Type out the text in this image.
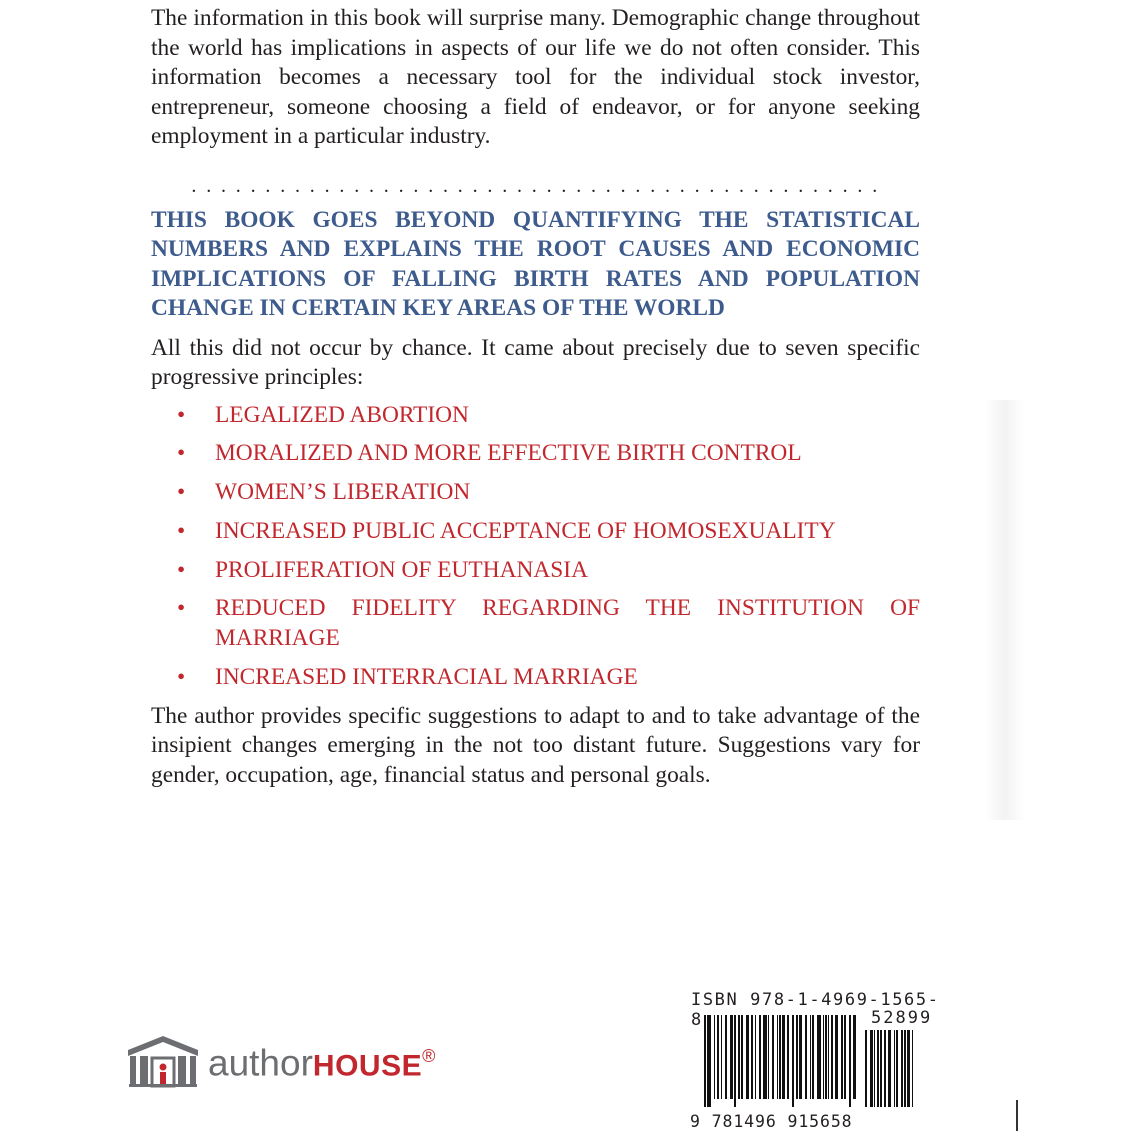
The information in this book will surprise many. Demographic change throughout the world has implications in aspects of our life we do not often consider. This information becomes a necessary tool for the individual stock investor, entrepreneur, someone choosing a field of endeavor, or for anyone seeking employment in a particular industry.

. . . . . . . . . . . . . . . . . . . . . . . . . . . . . . . . . . . . . . . . . . . . . . .

THIS BOOK GOES BEYOND QUANTIFYING THE STATISTICAL NUMBERS AND EXPLAINS THE ROOT CAUSES AND ECONOMIC IMPLICATIONS OF FALLING BIRTH RATES AND POPULATION CHANGE IN CERTAIN KEY AREAS OF THE WORLD

All this did not occur by chance. It came about precisely due to seven specific progressive principles:

• LEGALIZED ABORTION
• MORALIZED AND MORE EFFECTIVE BIRTH CONTROL
• WOMEN’S LIBERATION
• INCREASED PUBLIC ACCEPTANCE OF HOMOSEXUALITY
• PROLIFERATION OF EUTHANASIA
• REDUCED FIDELITY REGARDING THE INSTITUTION OF MARRIAGE
• INCREASED INTERRACIAL MARRIAGE

The author provides specific suggestions to adapt to and to take advantage of the insipient changes emerging in the not too distant future. Suggestions vary for gender, occupation, age, financial status and personal goals.

authorHOUSE®
ISBN 978-1-4969-1565-8	52899
9 781496 915658
